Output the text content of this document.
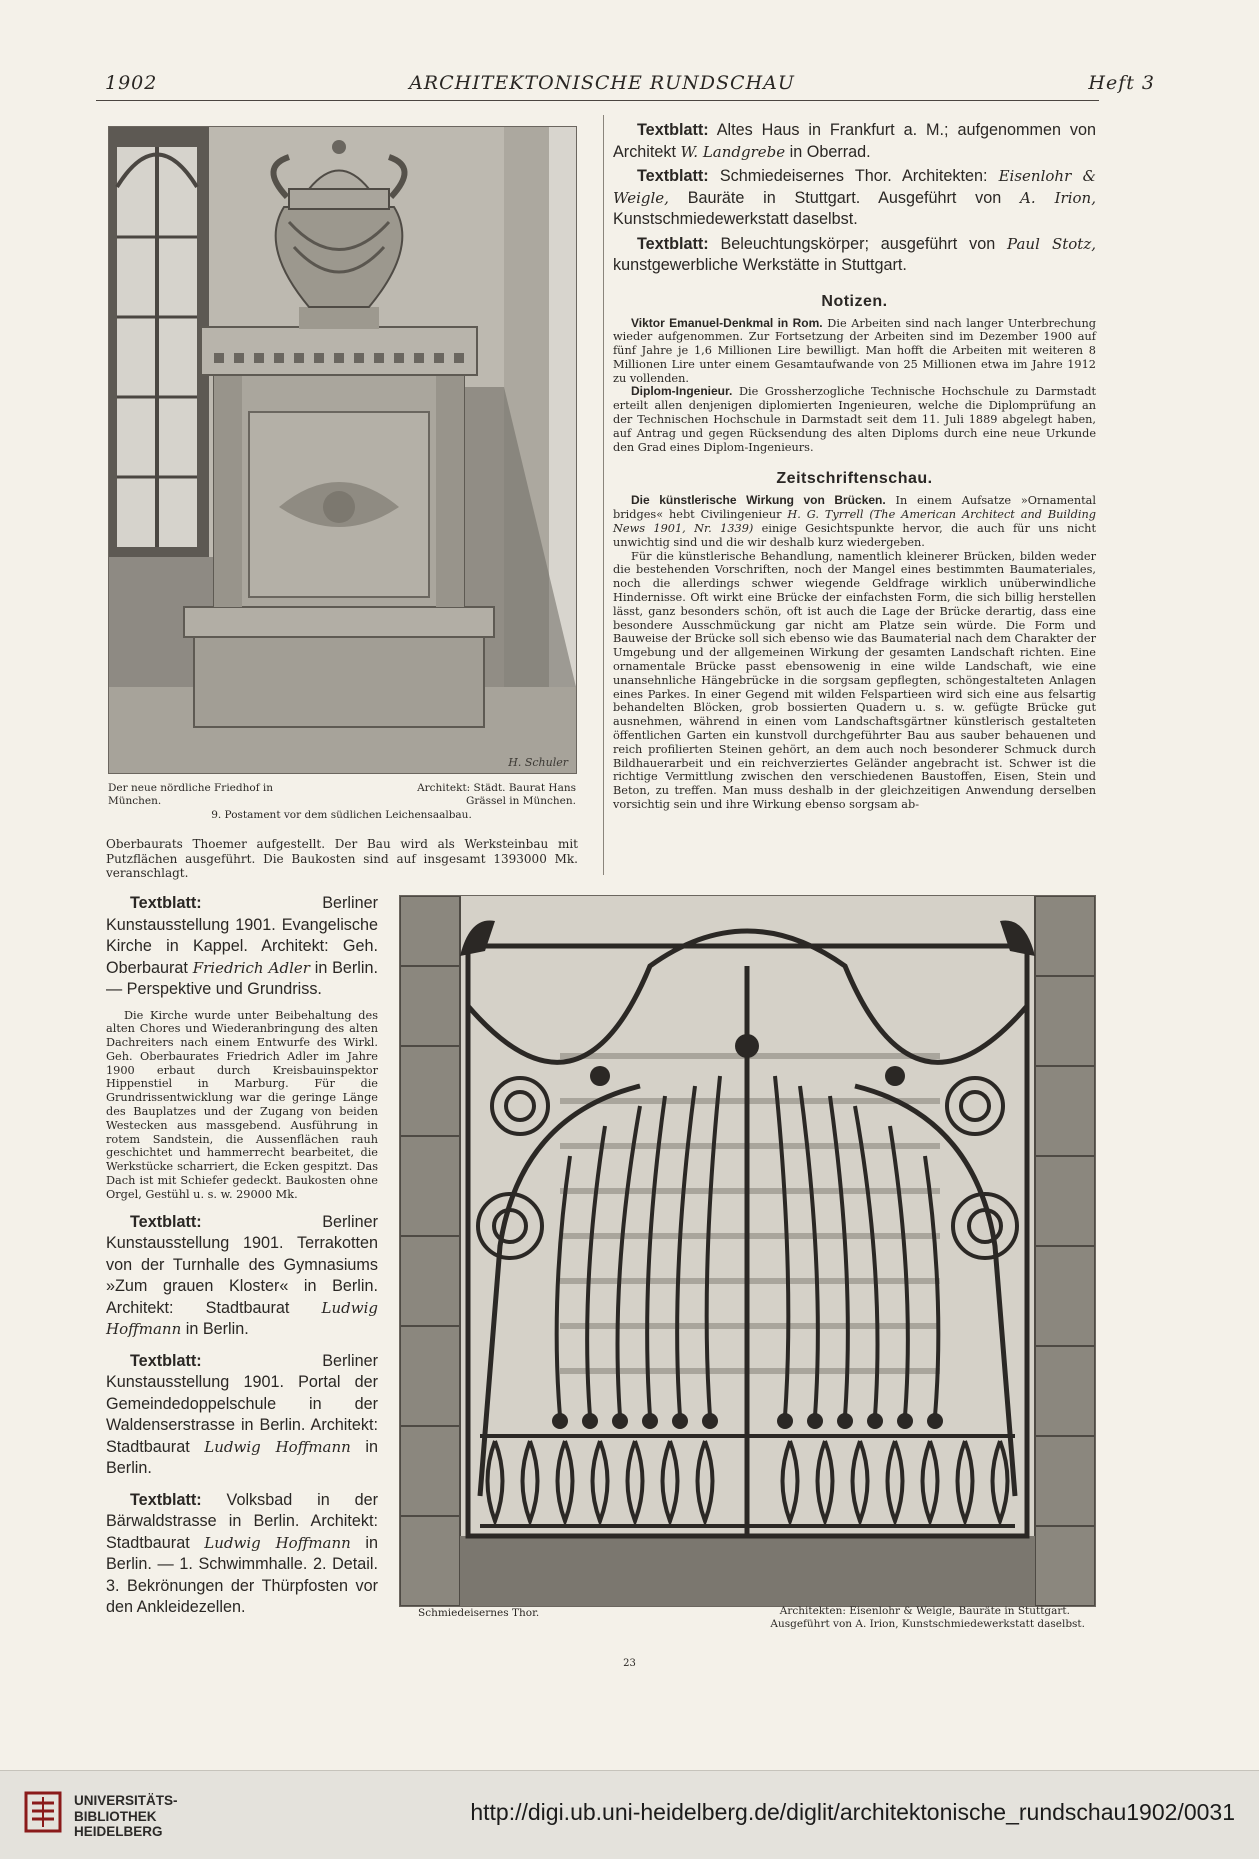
1902	ARCHITEKTONISCHE RUNDSCHAU	Heft 3
H. Schuler
Der neue nördliche Friedhof in München.
Architekt: Städt. Baurat Hans Grässel in München.
9. Postament vor dem südlichen Leichensaalbau.

Textblatt: Altes Haus in Frankfurt a. M.; aufgenommen von Architekt W. Landgrebe in Oberrad.

Textblatt: Schmiedeisernes Thor. Architekten: Eisenlohr & Weigle, Bauräte in Stuttgart. Ausgeführt von A. Irion, Kunstschmiedewerkstatt daselbst.

Textblatt: Beleuchtungskörper; ausgeführt von Paul Stotz, kunstgewerbliche Werkstätte in Stuttgart.

Notizen.

Viktor Emanuel-Denkmal in Rom. Die Arbeiten sind nach langer Unterbrechung wieder aufgenommen. Zur Fortsetzung der Arbeiten sind im Dezember 1900 auf fünf Jahre je 1,6 Millionen Lire bewilligt. Man hofft die Arbeiten mit weiteren 8 Millionen Lire unter einem Gesamtaufwande von 25 Millionen etwa im Jahre 1912 zu vollenden.

Diplom-Ingenieur. Die Grossherzogliche Technische Hochschule zu Darmstadt erteilt allen denjenigen diplomierten Ingenieuren, welche die Diplomprüfung an der Technischen Hochschule in Darmstadt seit dem 11. Juli 1889 abgelegt haben, auf Antrag und gegen Rücksendung des alten Diploms durch eine neue Urkunde den Grad eines Diplom-Ingenieurs.

Zeitschriftenschau.

Die künstlerische Wirkung von Brücken. In einem Aufsatze »Ornamental bridges« hebt Civilingenieur H. G. Tyrrell (The American Architect and Building News 1901, Nr. 1339) einige Gesichtspunkte hervor, die auch für uns nicht unwichtig sind und die wir deshalb kurz wiedergeben.

Für die künstlerische Behandlung, namentlich kleinerer Brücken, bilden weder die bestehenden Vorschriften, noch der Mangel eines bestimmten Baumateriales, noch die allerdings schwer wiegende Geldfrage wirklich unüberwindliche Hindernisse. Oft wirkt eine Brücke der einfachsten Form, die sich billig herstellen lässt, ganz besonders schön, oft ist auch die Lage der Brücke derartig, dass eine besondere Ausschmückung gar nicht am Platze sein würde. Die Form und Bauweise der Brücke soll sich ebenso wie das Baumaterial nach dem Charakter der Umgebung und der allgemeinen Wirkung der gesamten Landschaft richten. Eine ornamentale Brücke passt ebensowenig in eine wilde Landschaft, wie eine unansehnliche Hängebrücke in die sorgsam gepflegten, schöngestalteten Anlagen eines Parkes. In einer Gegend mit wilden Felspartieen wird sich eine aus felsartig behandelten Blöcken, grob bossierten Quadern u. s. w. gefügte Brücke gut ausnehmen, während in einen vom Landschaftsgärtner künstlerisch gestalteten öffentlichen Garten ein kunstvoll durchgeführter Bau aus sauber behauenen und reich profilierten Steinen gehört, an dem auch noch besonderer Schmuck durch Bildhauerarbeit und ein reichverziertes Geländer angebracht ist. Schwer ist die richtige Vermittlung zwischen den verschiedenen Baustoffen, Eisen, Stein und Beton, zu treffen. Man muss deshalb in der gleichzeitigen Anwendung derselben vorsichtig sein und ihre Wirkung ebenso sorgsam ab-

Oberbaurats Thoemer aufgestellt. Der Bau wird als Werksteinbau mit Putzflächen ausgeführt. Die Baukosten sind auf insgesamt 1393000 Mk. veranschlagt.

Textblatt:	Berliner Kunstausstellung 1901. Evangelische Kirche in Kappel. Architekt: Geh. Oberbaurat Friedrich Adler in Berlin. — Perspektive und Grundriss.

Die Kirche wurde unter Beibehaltung des alten Chores und Wiederanbringung des alten Dachreiters nach einem Entwurfe des Wirkl. Geh. Oberbaurates Friedrich Adler im Jahre 1900 erbaut durch Kreisbauinspektor Hippenstiel in Marburg. Für die Grundrissentwicklung war die geringe Länge des Bauplatzes und der Zugang von beiden Westecken aus massgebend. Ausführung in rotem Sandstein, die Aussenflächen rauh geschichtet und hammerrecht bearbeitet, die Werkstücke scharriert, die Ecken gespitzt. Das Dach ist mit Schiefer gedeckt. Baukosten ohne Orgel, Gestühl u. s. w. 29000 Mk.

Textblatt:	Berliner Kunstausstellung 1901. Terrakotten von der Turnhalle des Gymnasiums »Zum grauen Kloster« in Berlin. Architekt: Stadtbaurat Ludwig Hoffmann in Berlin.

Textblatt:	Berliner Kunstausstellung 1901. Portal der Gemeindedoppelschule in der Waldenserstrasse in Berlin. Architekt: Stadtbaurat Ludwig Hoffmann in Berlin.

Textblatt: Volksbad in der Bärwaldstrasse in Berlin. Architekt: Stadtbaurat Ludwig Hoffmann in Berlin. — 1. Schwimmhalle. 2. Detail. 3. Bekrönungen der Thürpfosten vor den Ankleidezellen.	Schmiedeisernes Thor.	Architekten: Eisenlohr & Weigle, Bauräte in Stuttgart.
Ausgeführt von A. Irion, Kunstschmiedewerkstatt daselbst.
23
UNIVERSITÄTS-
BIBLIOTHEK
HEIDELBERG
http://digi.ub.uni-heidelberg.de/diglit/architektonische_rundschau1902/0031
